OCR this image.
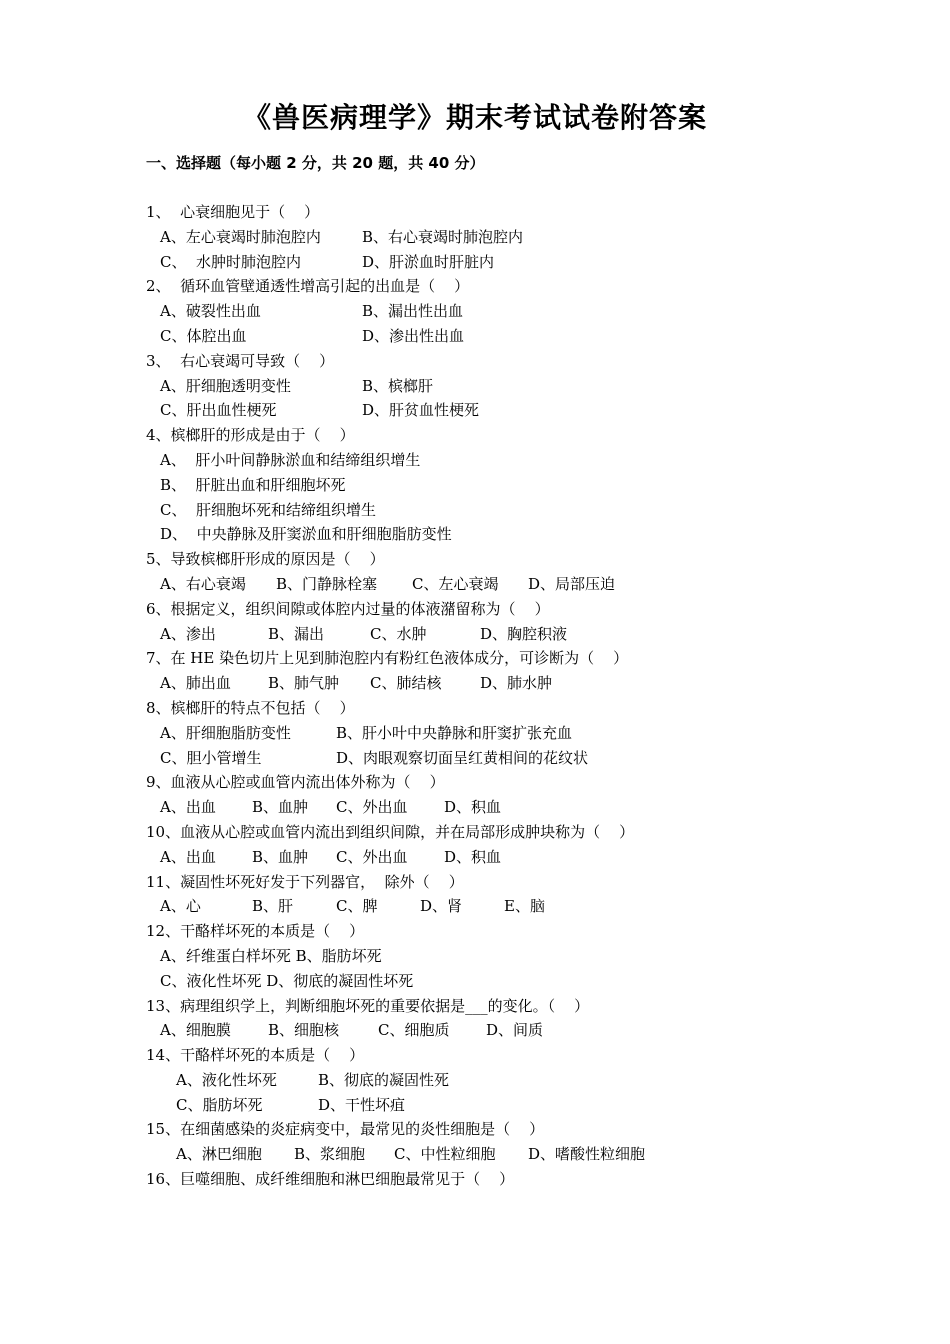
《兽医病理学》期末考试试卷附答案
一、选择题（每小题 2 分，共 20 题，共 40 分）
1、  心衰细胞见于（    ）
A、左心衰竭时肺泡腔内	B、右心衰竭时肺泡腔内
C、  水肿时肺泡腔内	D、肝淤血时肝脏内
2、  循环血管壁通透性增高引起的出血是（    ）
A、破裂性出血	B、漏出性出血
C、体腔出血	D、渗出性出血
3、  右心衰竭可导致（    ）
A、肝细胞透明变性	B、槟榔肝
C、肝出血性梗死	D、肝贫血性梗死
4、槟榔肝的形成是由于（    ）
A、  肝小叶间静脉淤血和结缔组织增生
B、  肝脏出血和肝细胞坏死
C、  肝细胞坏死和结缔组织增生
D、  中央静脉及肝窦淤血和肝细胞脂肪变性
5、导致槟榔肝形成的原因是（    ）
A、右心衰竭 B、门静脉栓塞 C、左心衰竭 D、局部压迫
6、根据定义，组织间隙或体腔内过量的体液潴留称为（    ）
A、渗出	B、漏出	C、水肿	D、胸腔积液
7、在 HE 染色切片上见到肺泡腔内有粉红色液体成分，可诊断为（    ）
A、肺出血 B、肺气肿 C、肺结核	D、肺水肿
8、槟榔肝的特点不包括（    ）
A、肝细胞脂肪变性	B、肝小叶中央静脉和肝窦扩张充血
C、胆小管增生	D、肉眼观察切面呈红黄相间的花纹状
9、血液从心腔或血管内流出体外称为（    ）
A、出血 B、血肿 C、外出血 D、积血
10、血液从心腔或血管内流出到组织间隙，并在局部形成肿块称为（    ）
A、出血 B、血肿 C、外出血 D、积血
11、凝固性坏死好发于下列器官，  除外（    ）
A、心	B、肝	C、脾	D、肾	E、脑
12、干酪样坏死的本质是（    ）
A、纤维蛋白样坏死 B、脂肪坏死
C、液化性坏死 D、彻底的凝固性坏死
13、病理组织学上，判断细胞坏死的重要依据是___的变化。（    ）
A、细胞膜 B、细胞核	C、细胞质 D、间质
14、干酪样坏死的本质是（    ）
A、液化性坏死	B、彻底的凝固性死
C、脂肪坏死	D、干性坏疽
15、在细菌感染的炎症病变中，最常见的炎性细胞是（    ）
A、淋巴细胞 B、浆细胞 C、中性粒细胞 D、嗜酸性粒细胞
16、巨噬细胞、成纤维细胞和淋巴细胞最常见于（    ）
